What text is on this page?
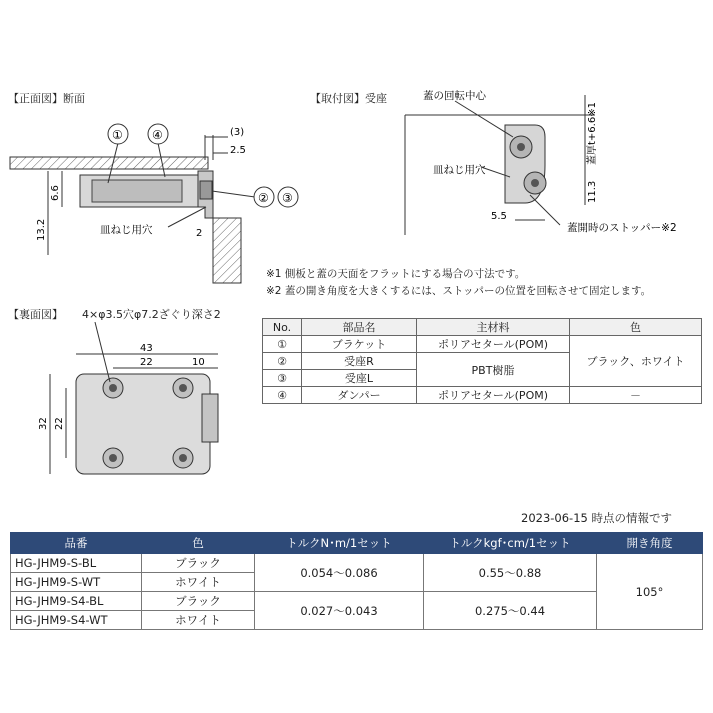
【正面図】断面
① ④
② ③
(3)
2.5
6.6
13.2	皿ねじ用穴	2
【取付図】受座	蓋の回転中心
蓋厚t+6.6※1
11.3
皿ねじ用穴
5.5
蓋開時のストッパー※2
※1 側板と蓋の天面をフラットにする場合の寸法です。
※2 蓋の開き角度を大きくするには、ストッパーの位置を回転させて固定します。
【裏面図】 4×φ3.5穴φ7.2ざぐり深さ2
43
22	10
32 22
No.	部品名	主材料	色
①	ブラケット	ポリアセタール(POM)	ブラック、ホワイト
②	受座R	PBT樹脂	
③	受座L		
④	ダンパー	ポリアセタール(POM)	－
2023-06-15 時点の情報です
品番	色	トルクN･m/1セット	トルクkgf･cm/1セット	開き角度
HG-JHM9-S-BL	ブラック	0.054～0.086	0.55～0.88	105°
HG-JHM9-S-WT	ホワイト			
HG-JHM9-S4-BL	ブラック	0.027～0.043	0.275～0.44	
HG-JHM9-S4-WT	ホワイト			
